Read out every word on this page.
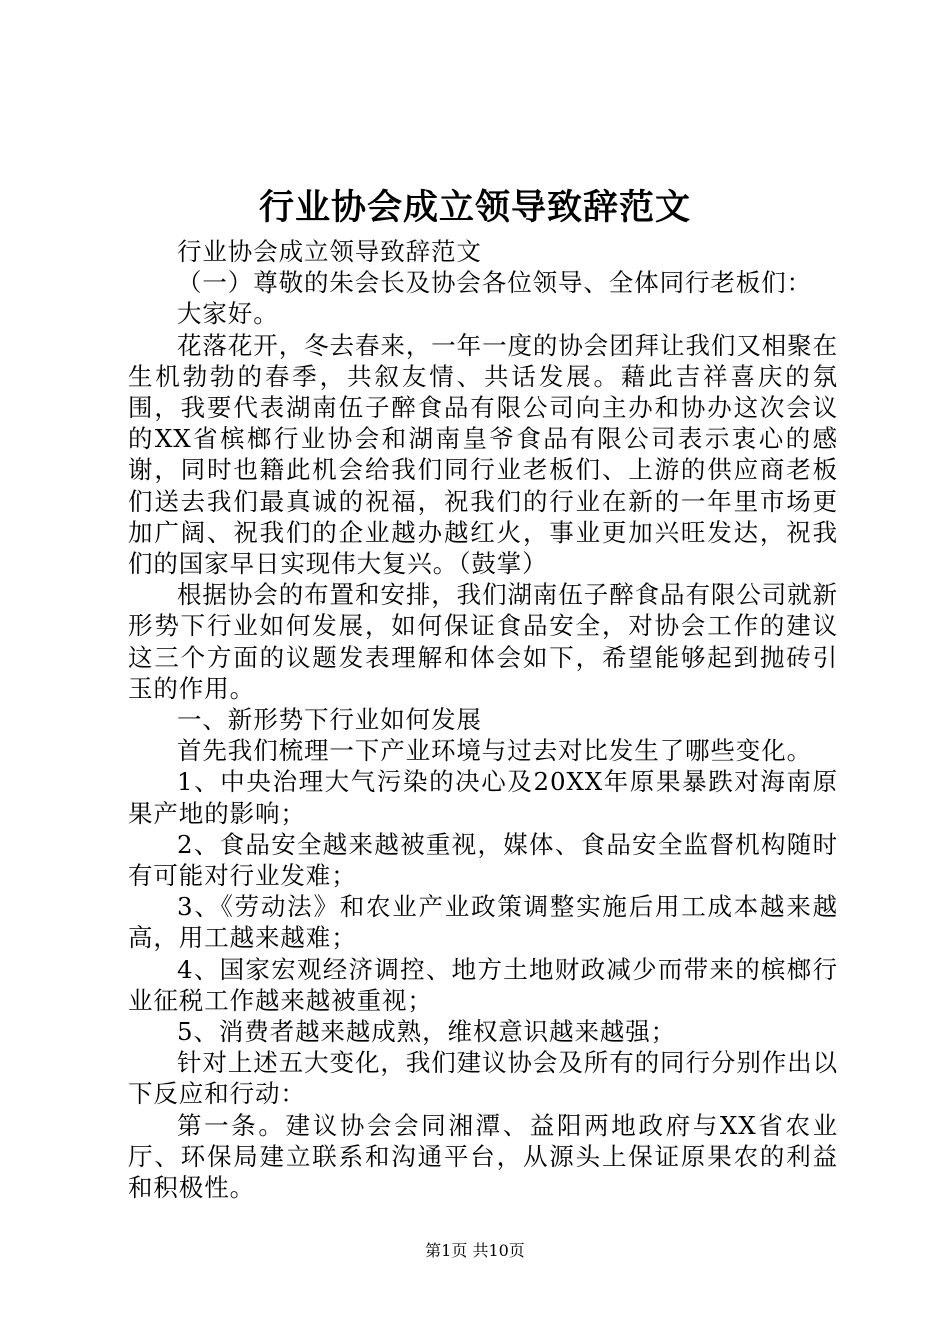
行业协会成立领导致辞范文

行业协会成立领导致辞范文

（一）尊敬的朱会长及协会各位领导、全体同行老板们：

大家好。

花落花开，冬去春来，一年一度的协会团拜让我们又相聚在生机勃勃的春季，共叙友情、共话发展。藉此吉祥喜庆的氛围，我要代表湖南伍子醉食品有限公司向主办和协办这次会议的XX省槟榔行业协会和湖南皇爷食品有限公司表示衷心的感谢，同时也籍此机会给我们同行业老板们、上游的供应商老板们送去我们最真诚的祝福，祝我们的行业在新的一年里市场更加广阔、祝我们的企业越办越红火，事业更加兴旺发达，祝我们的国家早日实现伟大复兴。（鼓掌）

根据协会的布置和安排，我们湖南伍子醉食品有限公司就新形势下行业如何发展，如何保证食品安全，对协会工作的建议这三个方面的议题发表理解和体会如下，希望能够起到抛砖引玉的作用。

一、新形势下行业如何发展

首先我们梳理一下产业环境与过去对比发生了哪些变化。

1、中央治理大气污染的决心及20XX年原果暴跌对海南原果产地的影响；

2、食品安全越来越被重视，媒体、食品安全监督机构随时有可能对行业发难；

3、《劳动法》和农业产业政策调整实施后用工成本越来越高，用工越来越难；

4、国家宏观经济调控、地方土地财政减少而带来的槟榔行业征税工作越来越被重视；

5、消费者越来越成熟，维权意识越来越强；

针对上述五大变化，我们建议协会及所有的同行分别作出以下反应和行动：

第一条。建议协会会同湘潭、益阳两地政府与XX省农业厅、环保局建立联系和沟通平台，从源头上保证原果农的利益和积极性。

第1页 共10页
